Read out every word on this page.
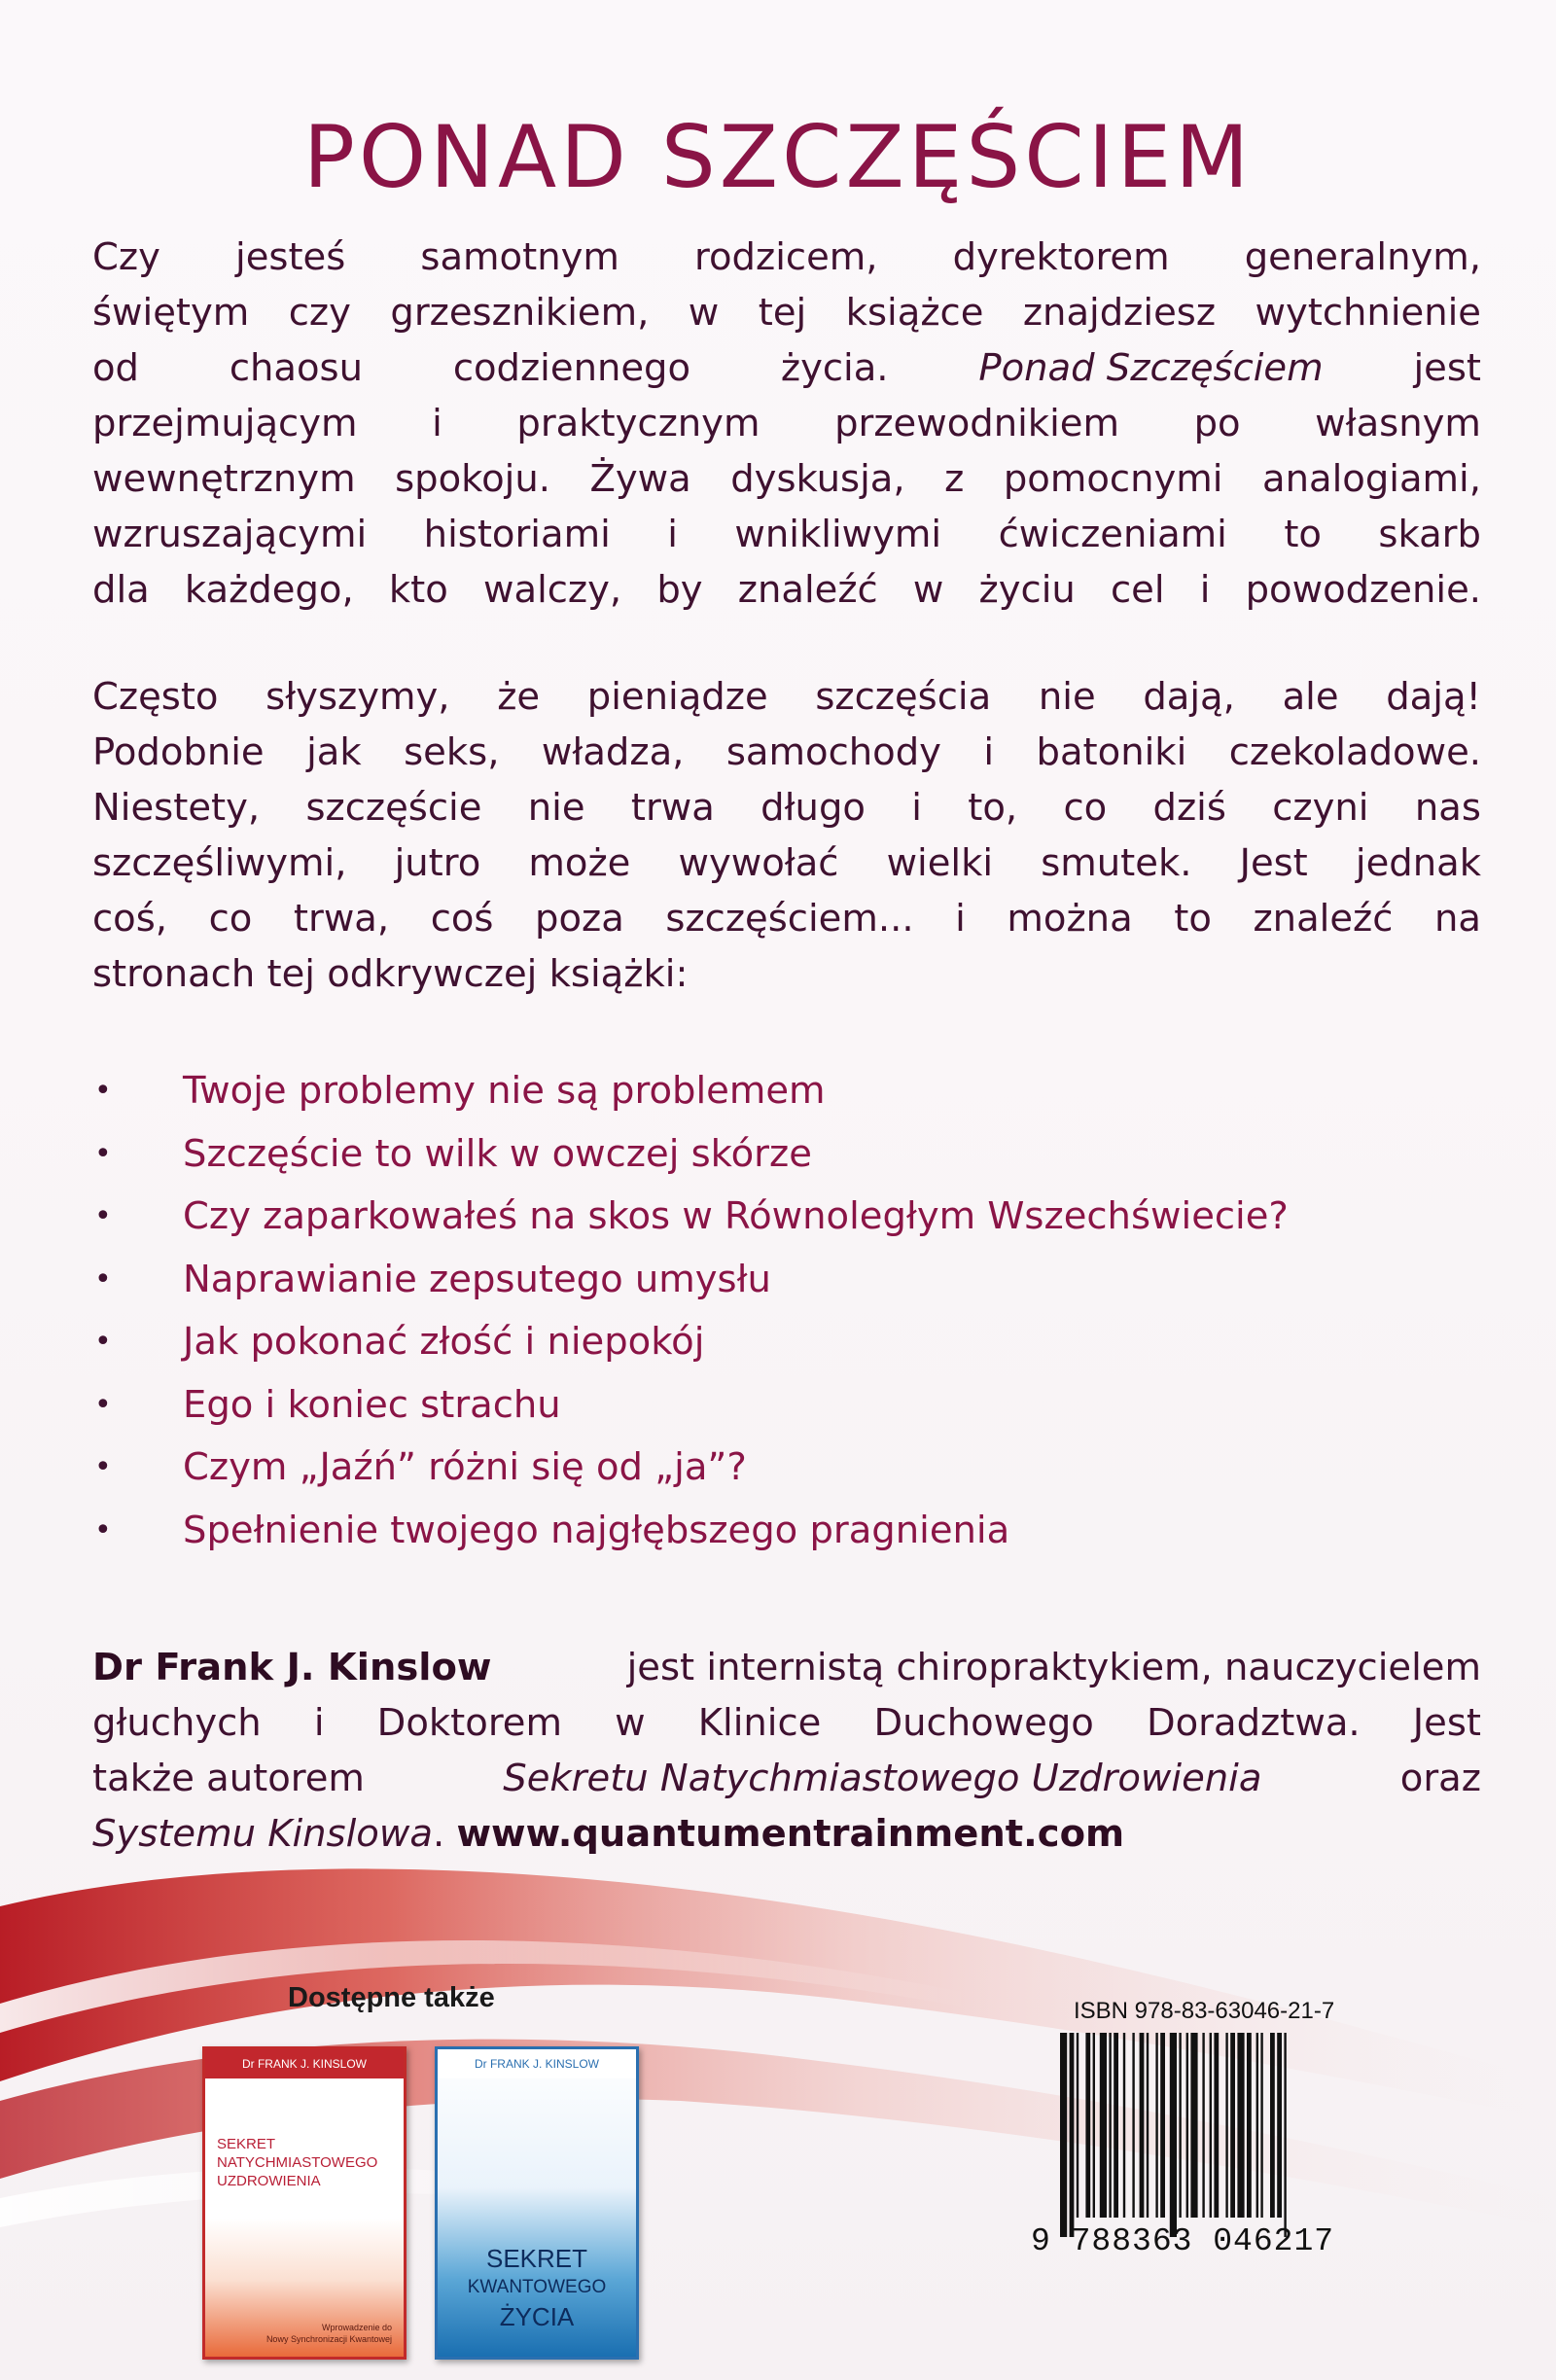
PONAD SZCZĘŚCIEM
Czy jesteś samotnym rodzicem, dyrektorem generalnym,
świętym czy grzesznikiem, w tej książce znajdziesz wytchnienie
od chaosu codziennego życia. Ponad Szczęściem jest
przejmującym i praktycznym przewodnikiem po własnym
wewnętrznym spokoju. Żywa dyskusja, z pomocnymi analogiami,
wzruszającymi historiami i wnikliwymi ćwiczeniami to skarb
dla każdego, kto walczy, by znaleźć w życiu cel i powodzenie.
Często słyszymy, że pieniądze szczęścia nie dają, ale dają!
Podobnie jak seks, władza, samochody i batoniki czekoladowe.
Niestety, szczęście nie trwa długo i to, co dziś czyni nas
szczęśliwymi, jutro może wywołać wielki smutek. Jest jednak
coś, co trwa, coś poza szczęściem... i można to znaleźć na
stronach tej odkrywczej książki:
• Twoje problemy nie są problemem
• Szczęście to wilk w owczej skórze
• Czy zaparkowałeś na skos w Równoległym Wszechświecie?
• Naprawianie zepsutego umysłu
• Jak pokonać złość i niepokój
• Ego i koniec strachu
• Czym „Jaźń” różni się od „ja”?
• Spełnienie twojego najgłębszego pragnienia
Dr Frank J. Kinslow	jest internistą chiropraktykiem, nauczycielem
głuchych i Doktorem w Klinice Duchowego Doradztwa. Jest
także autorem	Sekretu Natychmiastowego Uzdrowienia	oraz
Systemu Kinslowa .
www.quantumentrainment.com
Dostępne także
Dr FRANK J. KINSLOW
SEKRET
NATYCHMIASTOWEGO
UZDROWIENIA
Wprowadzenie do
Nowy Synchronizacji Kwantowej
Dr FRANK J. KINSLOW
SEKRET
KWANTOWEGO
ŻYCIA
ISBN 978-83-63046-21-7
9 788363 046217
